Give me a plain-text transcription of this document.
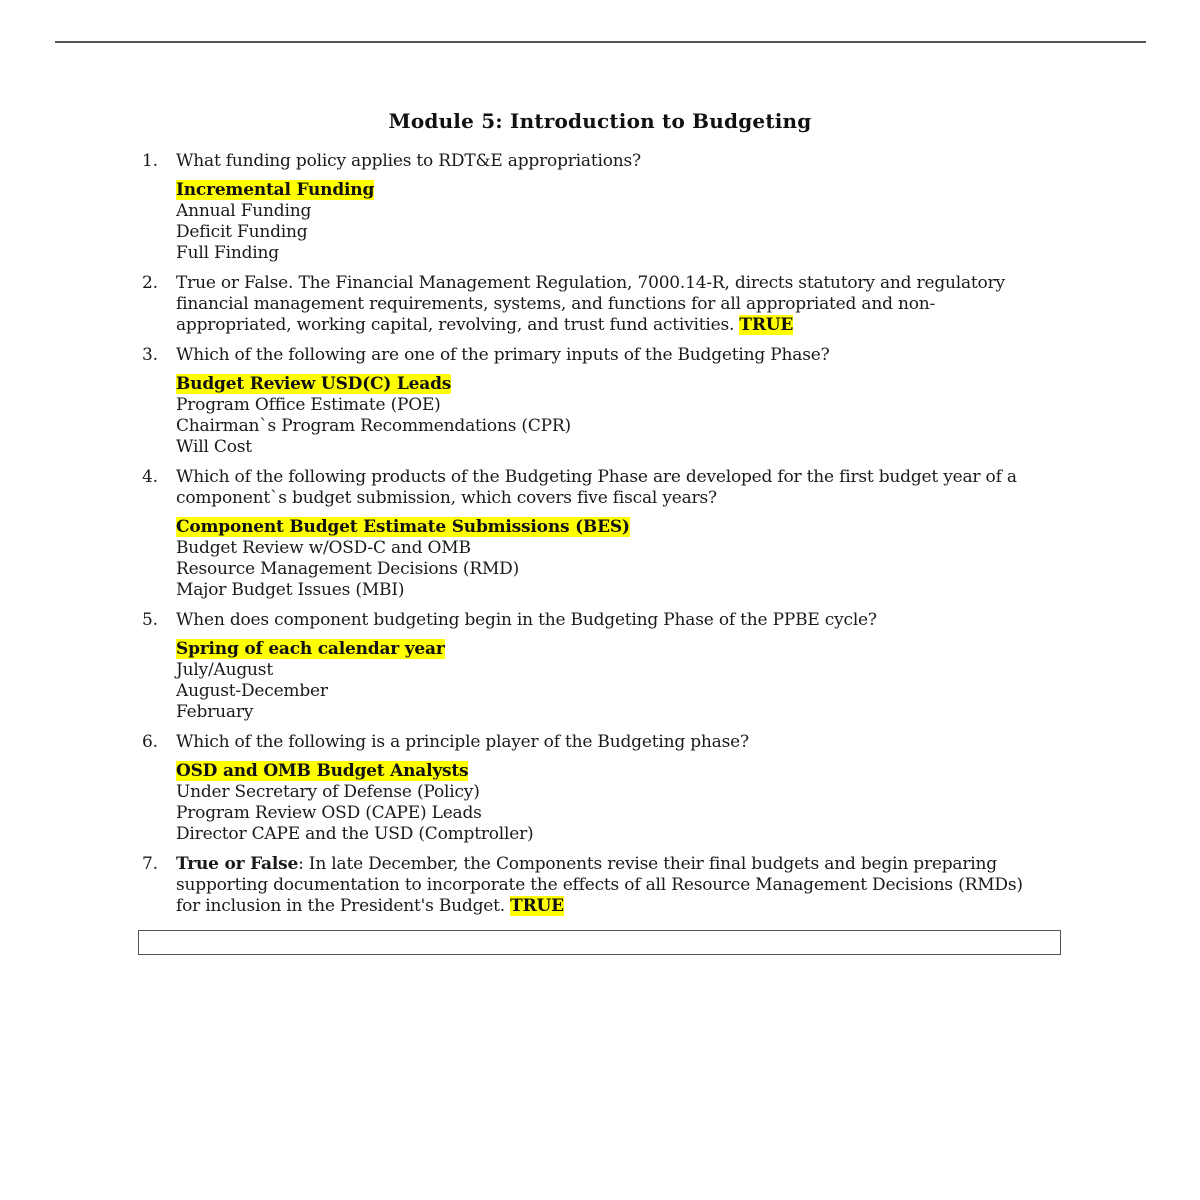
Module 5: Introduction to Budgeting
1. What funding policy applies to RDT&E appropriations?
Incremental Funding
Annual Funding
Deficit Funding
Full Finding
2. True or False. The Financial Management Regulation, 7000.14-R, directs statutory and regulatory financial management requirements, systems, and functions for all appropriated and non-appropriated, working capital, revolving, and trust fund activities. TRUE
3. Which of the following are one of the primary inputs of the Budgeting Phase?
Budget Review USD(C) Leads
Program Office Estimate (POE)
Chairman`s Program Recommendations (CPR)
Will Cost
4. Which of the following products of the Budgeting Phase are developed for the first budget year of a component`s budget submission, which covers five fiscal years?
Component Budget Estimate Submissions (BES)
Budget Review w/OSD-C and OMB
Resource Management Decisions (RMD)
Major Budget Issues (MBI)
5. When does component budgeting begin in the Budgeting Phase of the PPBE cycle?
Spring of each calendar year
July/August
August-December
February
6. Which of the following is a principle player of the Budgeting phase?
OSD and OMB Budget Analysts
Under Secretary of Defense (Policy)
Program Review OSD (CAPE) Leads
Director CAPE and the USD (Comptroller)
7. True or False: In late December, the Components revise their final budgets and begin preparing supporting documentation to incorporate the effects of all Resource Management Decisions (RMDs) for inclusion in the President's Budget. TRUE
